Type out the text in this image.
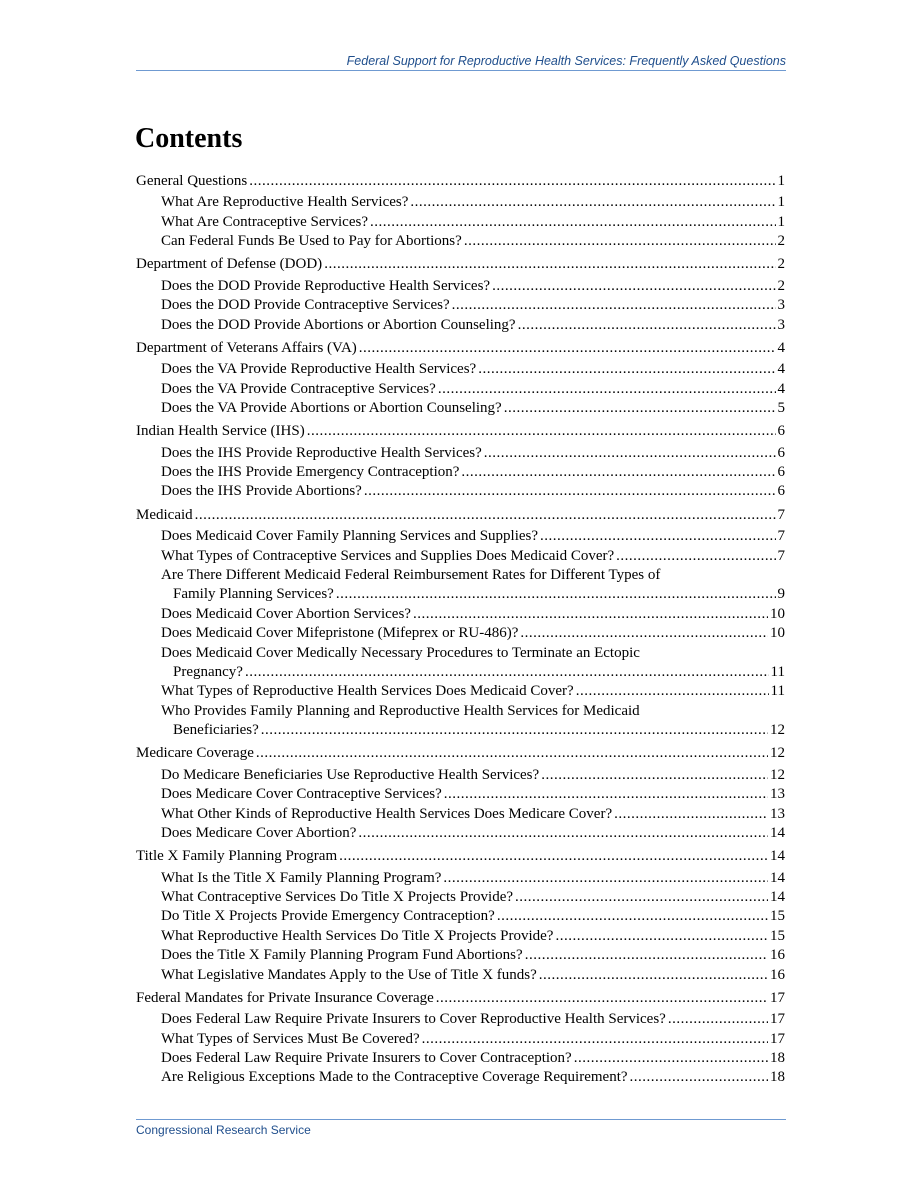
Federal Support for Reproductive Health Services: Frequently Asked Questions
Contents
General Questions .....	1
What Are Reproductive Health Services? .....	1
What Are Contraceptive Services? .....	1
Can Federal Funds Be Used to Pay for Abortions? .....	2
Department of Defense (DOD) .....	2
Does the DOD Provide Reproductive Health Services? .....	2
Does the DOD Provide Contraceptive Services? .....	3
Does the DOD Provide Abortions or Abortion Counseling? .....	3
Department of Veterans Affairs (VA) .....	4
Does the VA Provide Reproductive Health Services? .....	4
Does the VA Provide Contraceptive Services? .....	4
Does the VA Provide Abortions or Abortion Counseling? .....	5
Indian Health Service (IHS) .....	6
Does the IHS Provide Reproductive Health Services? .....	6
Does the IHS Provide Emergency Contraception? .....	6
Does the IHS Provide Abortions? .....	6
Medicaid .....	7
Does Medicaid Cover Family Planning Services and Supplies? .....	7
What Types of Contraceptive Services and Supplies Does Medicaid Cover? .....	7
Are There Different Medicaid Federal Reimbursement Rates for Different Types of
Family Planning Services? .....	9
Does Medicaid Cover Abortion Services? .....	10
Does Medicaid Cover Mifepristone (Mifeprex or RU-486)? .....	10
Does Medicaid Cover Medically Necessary Procedures to Terminate an Ectopic
Pregnancy? .....	11
What Types of Reproductive Health Services Does Medicaid Cover? .....	11
Who Provides Family Planning and Reproductive Health Services for Medicaid
Beneficiaries? .....	12
Medicare Coverage .....	12
Do Medicare Beneficiaries Use Reproductive Health Services? .....	12
Does Medicare Cover Contraceptive Services? .....	13
What Other Kinds of Reproductive Health Services Does Medicare Cover? .....	13
Does Medicare Cover Abortion? .....	14
Title X Family Planning Program .....	14
What Is the Title X Family Planning Program? .....	14
What Contraceptive Services Do Title X Projects Provide? .....	14
Do Title X Projects Provide Emergency Contraception? .....	15
What Reproductive Health Services Do Title X Projects Provide? .....	15
Does the Title X Family Planning Program Fund Abortions? .....	16
What Legislative Mandates Apply to the Use of Title X funds? .....	16
Federal Mandates for Private Insurance Coverage .....	17
Does Federal Law Require Private Insurers to Cover Reproductive Health Services? .....	17
What Types of Services Must Be Covered? .....	17
Does Federal Law Require Private Insurers to Cover Contraception? .....	18
Are Religious Exceptions Made to the Contraceptive Coverage Requirement? .....	18
Congressional Research Service
